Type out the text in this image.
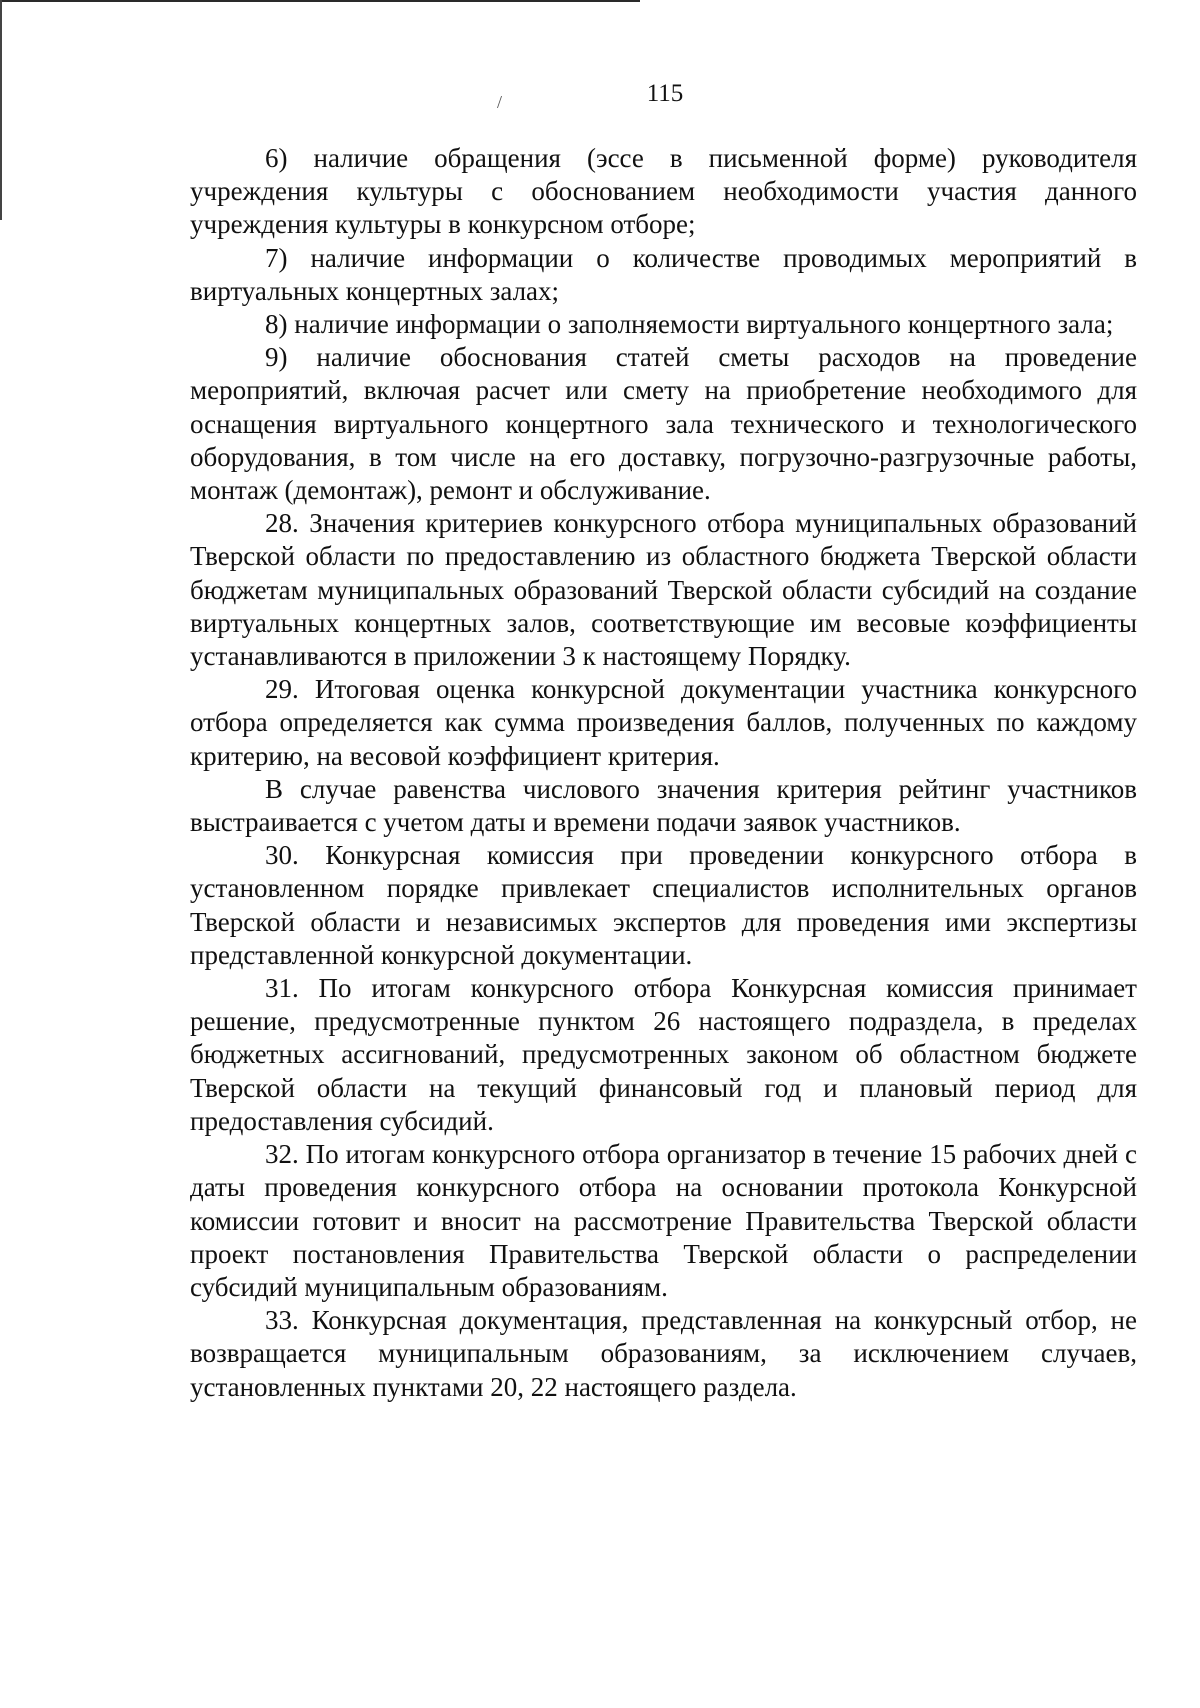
/	115

6) наличие обращения (эссе в письменной форме) руководителя учреждения культуры с обоснованием необходимости участия данного учреждения культуры в конкурсном отборе;

7) наличие информации о количестве проводимых мероприятий в виртуальных концертных залах;

8) наличие информации о заполняемости виртуального концертного зала;

9) наличие обоснования статей сметы расходов на проведение мероприятий, включая расчет или смету на приобретение необходимого для оснащения виртуального концертного зала технического и технологического оборудования, в том числе на его доставку, погрузочно-разгрузочные работы, монтаж (демонтаж), ремонт и обслуживание.

28. Значения критериев конкурсного отбора муниципальных образований Тверской области по предоставлению из областного бюджета Тверской области бюджетам муниципальных образований Тверской области субсидий на создание виртуальных концертных залов, соответствующие им весовые коэффициенты устанавливаются в приложении 3 к настоящему Порядку.

29. Итоговая оценка конкурсной документации участника конкурсного отбора определяется как сумма произведения баллов, полученных по каждому критерию, на весовой коэффициент критерия.

В случае равенства числового значения критерия рейтинг участников выстраивается с учетом даты и времени подачи заявок участников.

30. Конкурсная комиссия при проведении конкурсного отбора в установленном порядке привлекает специалистов исполнительных органов Тверской области и независимых экспертов для проведения ими экспертизы представленной конкурсной документации.

31. По итогам конкурсного отбора Конкурсная комиссия принимает решение, предусмотренные пунктом 26 настоящего подраздела, в пределах бюджетных ассигнований, предусмотренных законом об областном бюджете Тверской области на текущий финансовый год и плановый период для предоставления субсидий.

32. По итогам конкурсного отбора организатор в течение 15 рабочих дней с даты проведения конкурсного отбора на основании протокола Конкурсной комиссии готовит и вносит на рассмотрение Правительства Тверской области проект постановления Правительства Тверской области о распределении субсидий муниципальным образованиям.

33. Конкурсная документация, представленная на конкурсный отбор, не возвращается муниципальным образованиям, за исключением случаев, установленных пунктами 20, 22 настоящего раздела.
